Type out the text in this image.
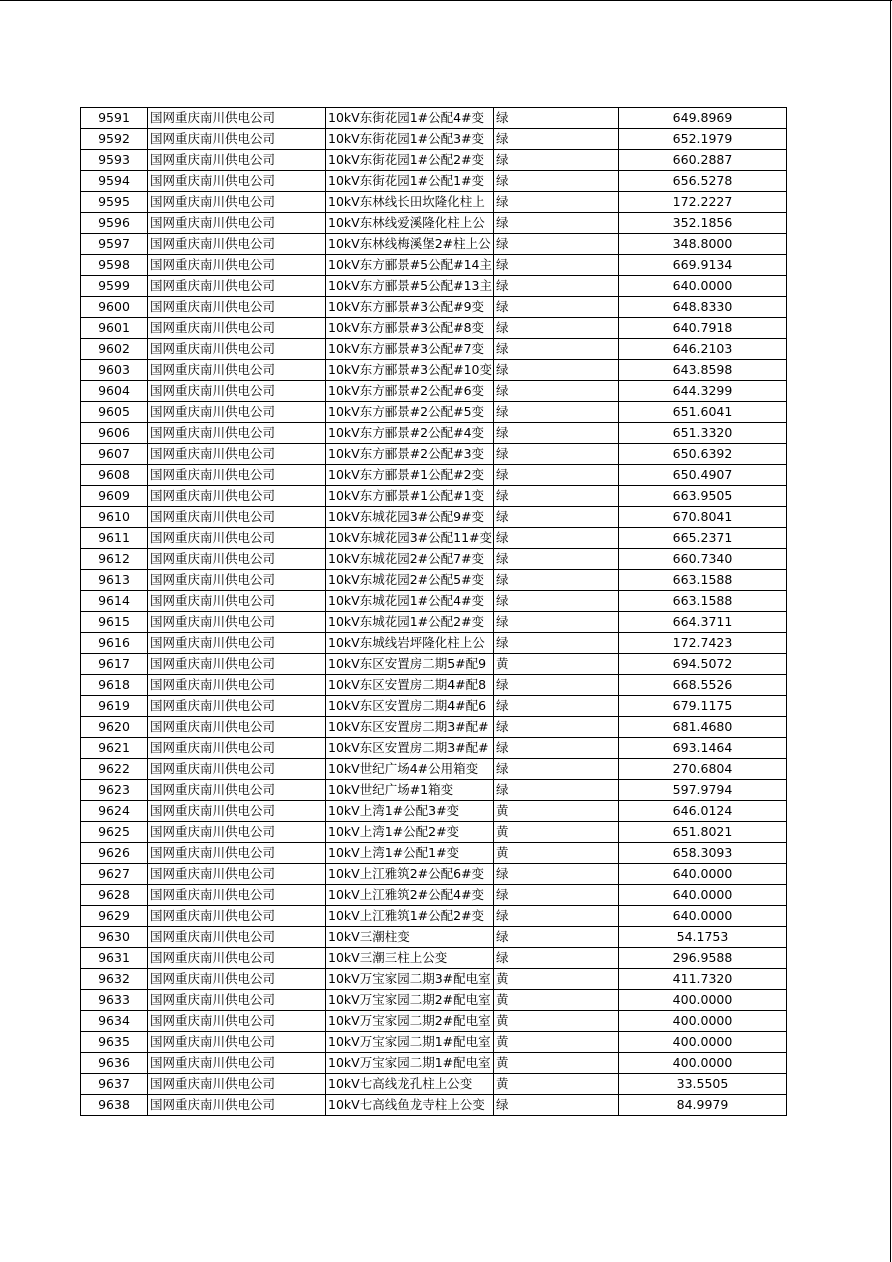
9591	国网重庆南川供电公司	10kV东街花园1#公配4#变	绿	649.8969
9592	国网重庆南川供电公司	10kV东街花园1#公配3#变	绿	652.1979
9593	国网重庆南川供电公司	10kV东街花园1#公配2#变	绿	660.2887
9594	国网重庆南川供电公司	10kV东街花园1#公配1#变	绿	656.5278
9595	国网重庆南川供电公司	10kV东林线长田坎隆化柱上	绿	172.2227
9596	国网重庆南川供电公司	10kV东林线爱溪隆化柱上公	绿	352.1856
9597	国网重庆南川供电公司	10kV东林线梅溪堡2#柱上公	绿	348.8000
9598	国网重庆南川供电公司	10kV东方郦景#5公配#14主	绿	669.9134
9599	国网重庆南川供电公司	10kV东方郦景#5公配#13主	绿	640.0000
9600	国网重庆南川供电公司	10kV东方郦景#3公配#9变	绿	648.8330
9601	国网重庆南川供电公司	10kV东方郦景#3公配#8变	绿	640.7918
9602	国网重庆南川供电公司	10kV东方郦景#3公配#7变	绿	646.2103
9603	国网重庆南川供电公司	10kV东方郦景#3公配#10变	绿	643.8598
9604	国网重庆南川供电公司	10kV东方郦景#2公配#6变	绿	644.3299
9605	国网重庆南川供电公司	10kV东方郦景#2公配#5变	绿	651.6041
9606	国网重庆南川供电公司	10kV东方郦景#2公配#4变	绿	651.3320
9607	国网重庆南川供电公司	10kV东方郦景#2公配#3变	绿	650.6392
9608	国网重庆南川供电公司	10kV东方郦景#1公配#2变	绿	650.4907
9609	国网重庆南川供电公司	10kV东方郦景#1公配#1变	绿	663.9505
9610	国网重庆南川供电公司	10kV东城花园3#公配9#变	绿	670.8041
9611	国网重庆南川供电公司	10kV东城花园3#公配11#变	绿	665.2371
9612	国网重庆南川供电公司	10kV东城花园2#公配7#变	绿	660.7340
9613	国网重庆南川供电公司	10kV东城花园2#公配5#变	绿	663.1588
9614	国网重庆南川供电公司	10kV东城花园1#公配4#变	绿	663.1588
9615	国网重庆南川供电公司	10kV东城花园1#公配2#变	绿	664.3711
9616	国网重庆南川供电公司	10kV东城线岩坪隆化柱上公	绿	172.7423
9617	国网重庆南川供电公司	10kV东区安置房二期5#配9	黄	694.5072
9618	国网重庆南川供电公司	10kV东区安置房二期4#配8	绿	668.5526
9619	国网重庆南川供电公司	10kV东区安置房二期4#配6	绿	679.1175
9620	国网重庆南川供电公司	10kV东区安置房二期3#配#	绿	681.4680
9621	国网重庆南川供电公司	10kV东区安置房二期3#配#	绿	693.1464
9622	国网重庆南川供电公司	10kV世纪广场4#公用箱变	绿	270.6804
9623	国网重庆南川供电公司	10kV世纪广场#1箱变	绿	597.9794
9624	国网重庆南川供电公司	10kV上湾1#公配3#变	黄	646.0124
9625	国网重庆南川供电公司	10kV上湾1#公配2#变	黄	651.8021
9626	国网重庆南川供电公司	10kV上湾1#公配1#变	黄	658.3093
9627	国网重庆南川供电公司	10kV上江雅筑2#公配6#变	绿	640.0000
9628	国网重庆南川供电公司	10kV上江雅筑2#公配4#变	绿	640.0000
9629	国网重庆南川供电公司	10kV上江雅筑1#公配2#变	绿	640.0000
9630	国网重庆南川供电公司	10kV三潮柱变	绿	54.1753
9631	国网重庆南川供电公司	10kV三潮三柱上公变	绿	296.9588
9632	国网重庆南川供电公司	10kV万宝家园二期3#配电室	黄	411.7320
9633	国网重庆南川供电公司	10kV万宝家园二期2#配电室	黄	400.0000
9634	国网重庆南川供电公司	10kV万宝家园二期2#配电室	黄	400.0000
9635	国网重庆南川供电公司	10kV万宝家园二期1#配电室	黄	400.0000
9636	国网重庆南川供电公司	10kV万宝家园二期1#配电室	黄	400.0000
9637	国网重庆南川供电公司	10kV七高线龙孔柱上公变	黄	33.5505
9638	国网重庆南川供电公司	10kV七高线鱼龙寺柱上公变	绿	84.9979
